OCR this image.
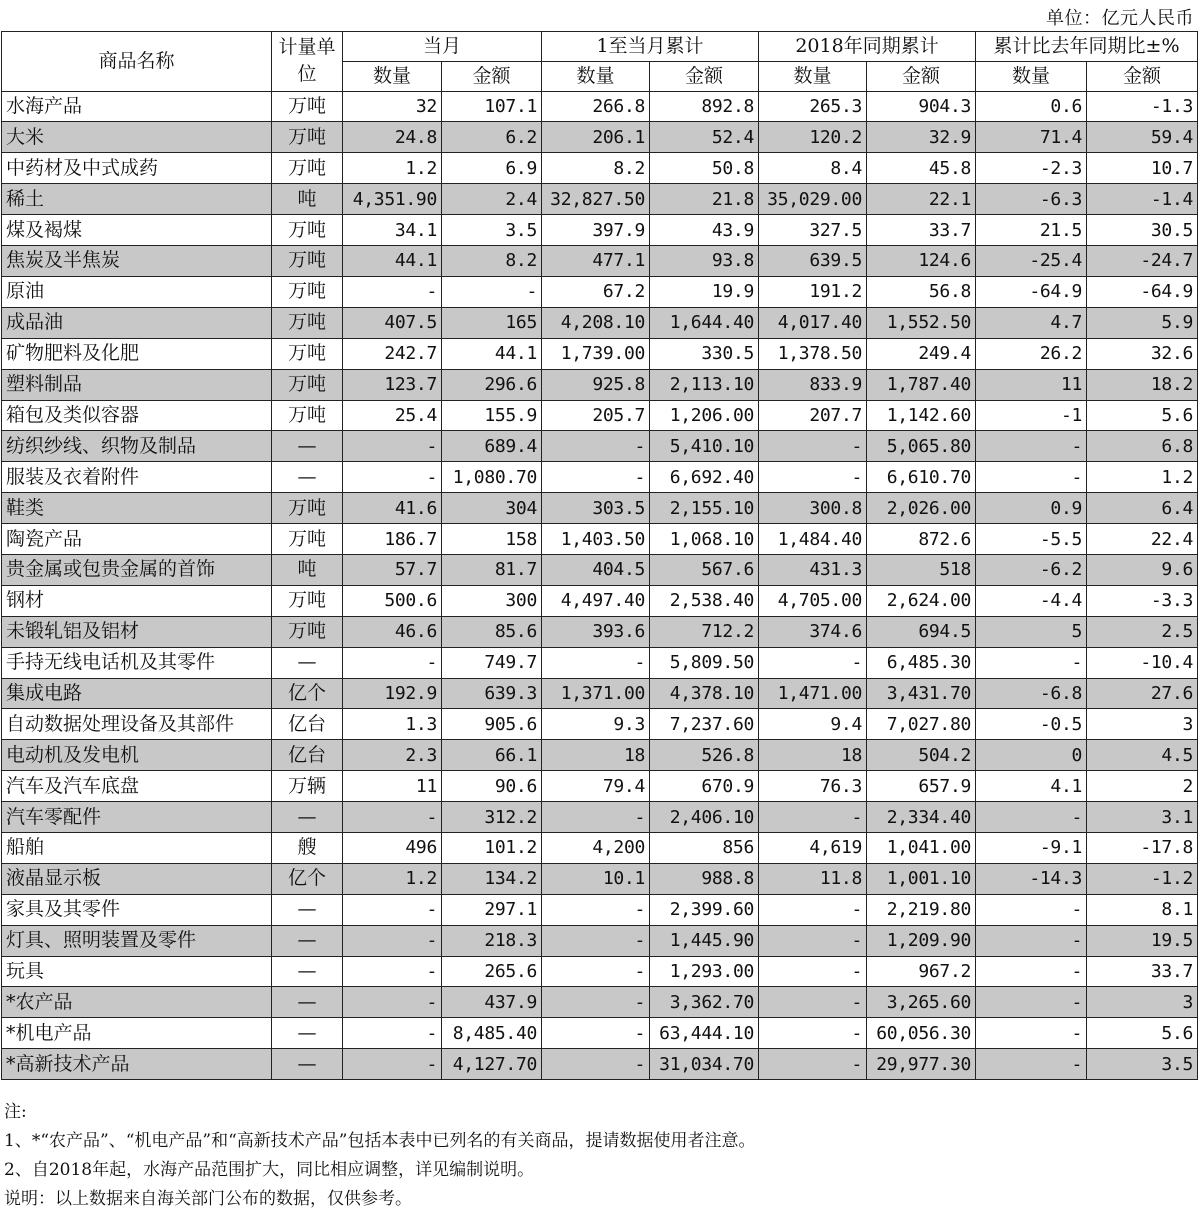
单位：亿元人民币
商品名称	计量单位	当月		1至当月累计		2018年同期累计		累计比去年同期比±%	
		数量	金额	数量	金额	数量	金额	数量	金额
水海产品	万吨	32	107.1	266.8	892.8	265.3	904.3	0.6	-1.3
大米	万吨	24.8	6.2	206.1	52.4	120.2	32.9	71.4	59.4
中药材及中式成药	万吨	1.2	6.9	8.2	50.8	8.4	45.8	-2.3	10.7
稀土	吨	4,351.90	2.4	32,827.50	21.8	35,029.00	22.1	-6.3	-1.4
煤及褐煤	万吨	34.1	3.5	397.9	43.9	327.5	33.7	21.5	30.5
焦炭及半焦炭	万吨	44.1	8.2	477.1	93.8	639.5	124.6	-25.4	-24.7
原油	万吨	-	-	67.2	19.9	191.2	56.8	-64.9	-64.9
成品油	万吨	407.5	165	4,208.10	1,644.40	4,017.40	1,552.50	4.7	5.9
矿物肥料及化肥	万吨	242.7	44.1	1,739.00	330.5	1,378.50	249.4	26.2	32.6
塑料制品	万吨	123.7	296.6	925.8	2,113.10	833.9	1,787.40	11	18.2
箱包及类似容器	万吨	25.4	155.9	205.7	1,206.00	207.7	1,142.60	-1	5.6
纺织纱线、织物及制品	—	-	689.4	-	5,410.10	-	5,065.80	-	6.8
服装及衣着附件	—	-	1,080.70	-	6,692.40	-	6,610.70	-	1.2
鞋类	万吨	41.6	304	303.5	2,155.10	300.8	2,026.00	0.9	6.4
陶瓷产品	万吨	186.7	158	1,403.50	1,068.10	1,484.40	872.6	-5.5	22.4
贵金属或包贵金属的首饰	吨	57.7	81.7	404.5	567.6	431.3	518	-6.2	9.6
钢材	万吨	500.6	300	4,497.40	2,538.40	4,705.00	2,624.00	-4.4	-3.3
未锻轧铝及铝材	万吨	46.6	85.6	393.6	712.2	374.6	694.5	5	2.5
手持无线电话机及其零件	—	-	749.7	-	5,809.50	-	6,485.30	-	-10.4
集成电路	亿个	192.9	639.3	1,371.00	4,378.10	1,471.00	3,431.70	-6.8	27.6
自动数据处理设备及其部件	亿台	1.3	905.6	9.3	7,237.60	9.4	7,027.80	-0.5	3
电动机及发电机	亿台	2.3	66.1	18	526.8	18	504.2	0	4.5
汽车及汽车底盘	万辆	11	90.6	79.4	670.9	76.3	657.9	4.1	2
汽车零配件	—	-	312.2	-	2,406.10	-	2,334.40	-	3.1
船舶	艘	496	101.2	4,200	856	4,619	1,041.00	-9.1	-17.8
液晶显示板	亿个	1.2	134.2	10.1	988.8	11.8	1,001.10	-14.3	-1.2
家具及其零件	—	-	297.1	-	2,399.60	-	2,219.80	-	8.1
灯具、照明装置及零件	—	-	218.3	-	1,445.90	-	1,209.90	-	19.5
玩具	—	-	265.6	-	1,293.00	-	967.2	-	33.7
*农产品	—	-	437.9	-	3,362.70	-	3,265.60	-	3
*机电产品	—	-	8,485.40	-	63,444.10	-	60,056.30	-	5.6
*高新技术产品	—	-	4,127.70	-	31,034.70	-	29,977.30	-	3.5
注:
1、*“农产品”、“机电产品”和“高新技术产品”包括本表中已列名的有关商品，提请数据使用者注意。
2、自2018年起，水海产品范围扩大，同比相应调整，详见编制说明。
说明：以上数据来自海关部门公布的数据，仅供参考。
